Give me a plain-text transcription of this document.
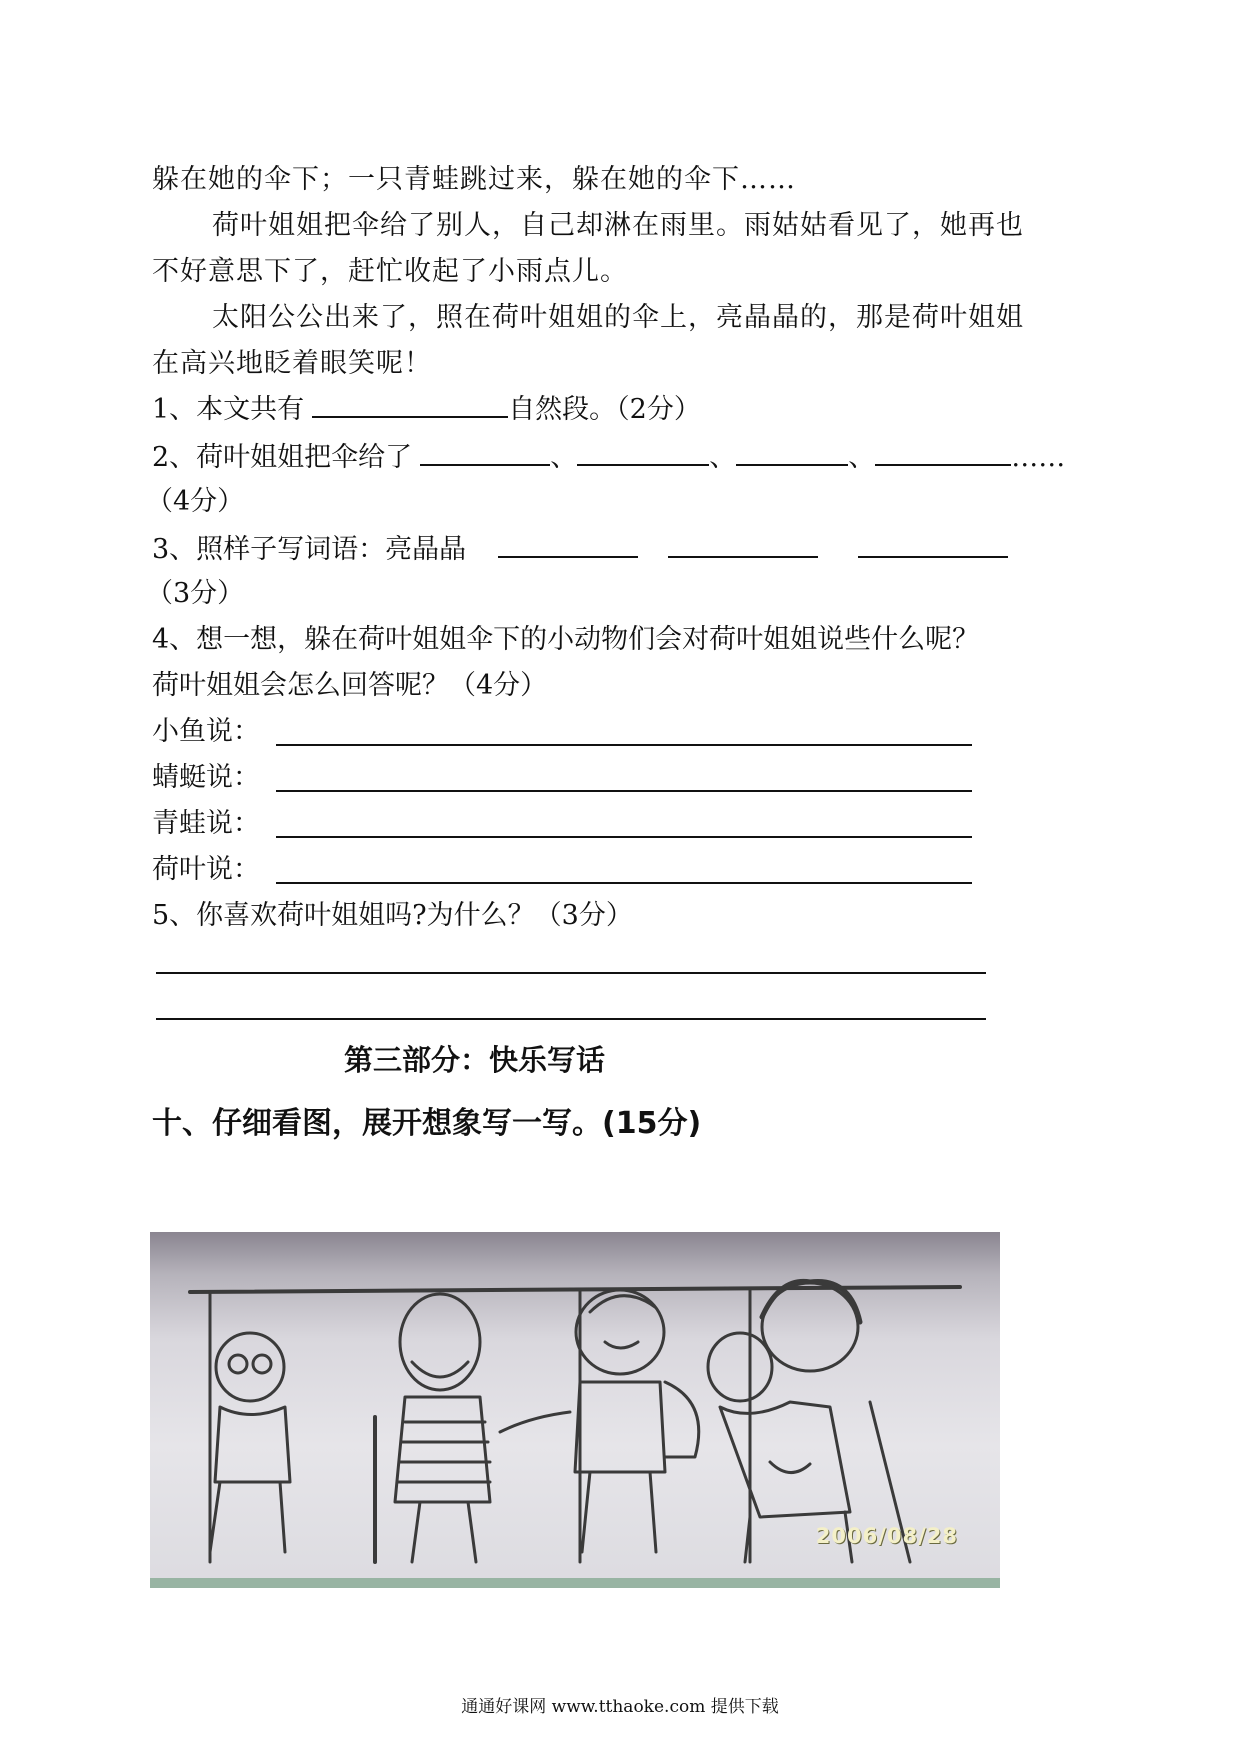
躲在她的伞下；一只青蛙跳过来，躲在她的伞下……
荷叶姐姐把伞给了别人，自己却淋在雨里。雨姑姑看见了，她再也
不好意思下了，赶忙收起了小雨点儿。
太阳公公出来了，照在荷叶姐姐的伞上，亮晶晶的，那是荷叶姐姐
在高兴地眨着眼笑呢！
1、本文共有	自然段。（2分）
2、荷叶姐姐把伞给了	、	、	、	……
（4分）
3、照样子写词语：亮晶晶
（3分）
4、想一想，躲在荷叶姐姐伞下的小动物们会对荷叶姐姐说些什么呢？
荷叶姐姐会怎么回答呢？（4分）
小鱼说：
蜻蜓说：
青蛙说：
荷叶说：
5、你喜欢荷叶姐姐吗?为什么？（3分）
第三部分：快乐写话
十、仔细看图，展开想象写一写。(15分)
2006/08/28
通通好课网 www.tthaoke.com 提供下载
